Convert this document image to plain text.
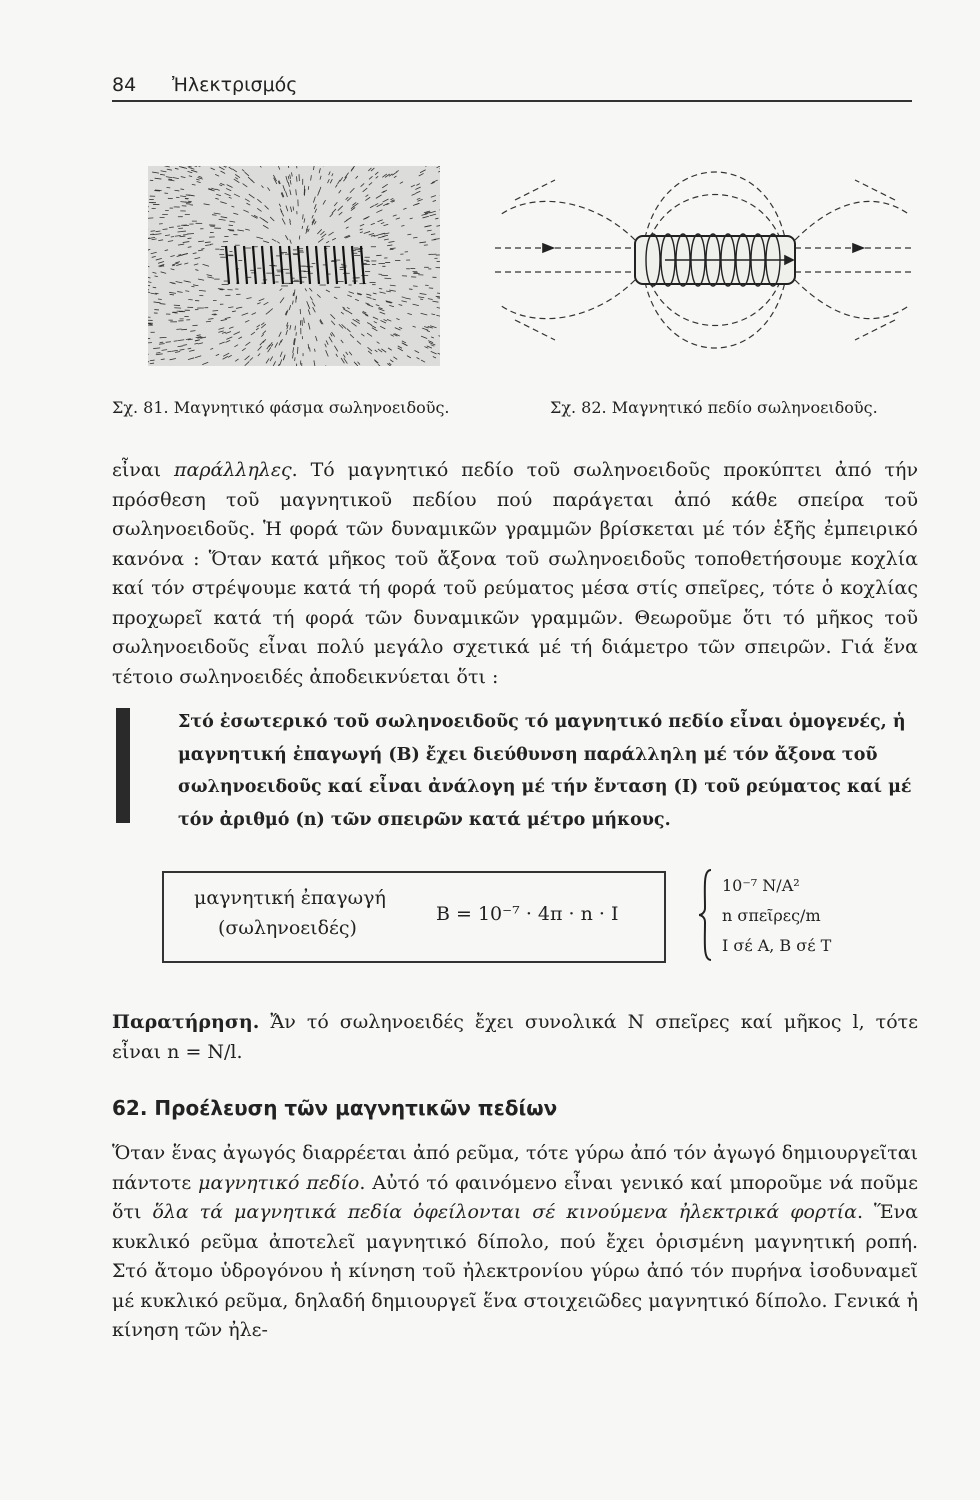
84 Ἠλεκτρισμός
Σχ. 81. Μαγνητικό φάσμα σωληνοειδοῦς.	Σχ. 82. Μαγνητικό πεδίο σωληνοειδοῦς.
εἶναι παράλληλες. Τό μαγνητικό πεδίο τοῦ σωληνοειδοῦς προκύπτει ἀπό τήν πρόσθεση τοῦ μαγνητικοῦ πεδίου πού παράγεται ἀπό κάθε σπείρα τοῦ σωληνοειδοῦς. Ἡ φορά τῶν δυναμικῶν γραμμῶν βρίσκεται μέ τόν ἑξῆς ἐμπειρικό κανόνα : Ὅταν κατά μῆκος τοῦ ἄξονα τοῦ σωληνοειδοῦς τοποθετήσουμε κοχλία καί τόν στρέψουμε κατά τή φορά τοῦ ρεύματος μέσα στίς σπεῖρες, τότε ὁ κοχλίας προχωρεῖ κατά τή φορά τῶν δυναμικῶν γραμμῶν. Θεωροῦμε ὅτι τό μῆκος τοῦ σωληνοειδοῦς εἶναι πολύ μεγάλο σχετικά μέ τή διάμετρο τῶν σπειρῶν. Γιά ἕνα τέτοιο σωληνοειδές ἀποδεικνύεται ὅτι :
Στό ἐσωτερικό τοῦ σωληνοειδοῦς τό μαγνητικό πεδίο εἶναι ὁμογενές, ἡ μαγνητική ἐπαγωγή (B) ἔχει διεύθυνση παράλληλη μέ τόν ἄξονα τοῦ σωληνοειδοῦς καί εἶναι ἀνάλογη μέ τήν ἔνταση (I) τοῦ ρεύματος καί μέ τόν ἀριθμό (n) τῶν σπειρῶν κατά μέτρο μήκους.
μαγνητική ἐπαγωγή
(σωληνοειδές)
B = 10⁻⁷ · 4π · n · I
10⁻⁷ N/A²
n σπεῖρες/m
I σέ A, B σέ T
Παρατήρηση. Ἄν τό σωληνοειδές ἔχει συνολικά N σπεῖρες καί μῆκος l, τότε εἶναι n = N/l.
62. Προέλευση τῶν μαγνητικῶν πεδίων
Ὅταν ἕνας ἀγωγός διαρρέεται ἀπό ρεῦμα, τότε γύρω ἀπό τόν ἀγωγό δημιουργεῖται πάντοτε μαγνητικό πεδίο. Αὐτό τό φαινόμενο εἶναι γενικό καί μποροῦμε νά ποῦμε ὅτι ὅλα τά μαγνητικά πεδία ὀφείλονται σέ κινούμενα ἠλεκτρικά φορτία. Ἕνα κυκλικό ρεῦμα ἀποτελεῖ μαγνητικό δίπολο, πού ἔχει ὁρισμένη μαγνητική ροπή. Στό ἄτομο ὑδρογόνου ἡ κίνηση τοῦ ἠλεκτρονίου γύρω ἀπό τόν πυρήνα ἰσοδυναμεῖ μέ κυκλικό ρεῦμα, δηλαδή δημιουργεῖ ἕνα στοιχειῶδες μαγνητικό δίπολο. Γενικά ἡ κίνηση τῶν ἠλε-
